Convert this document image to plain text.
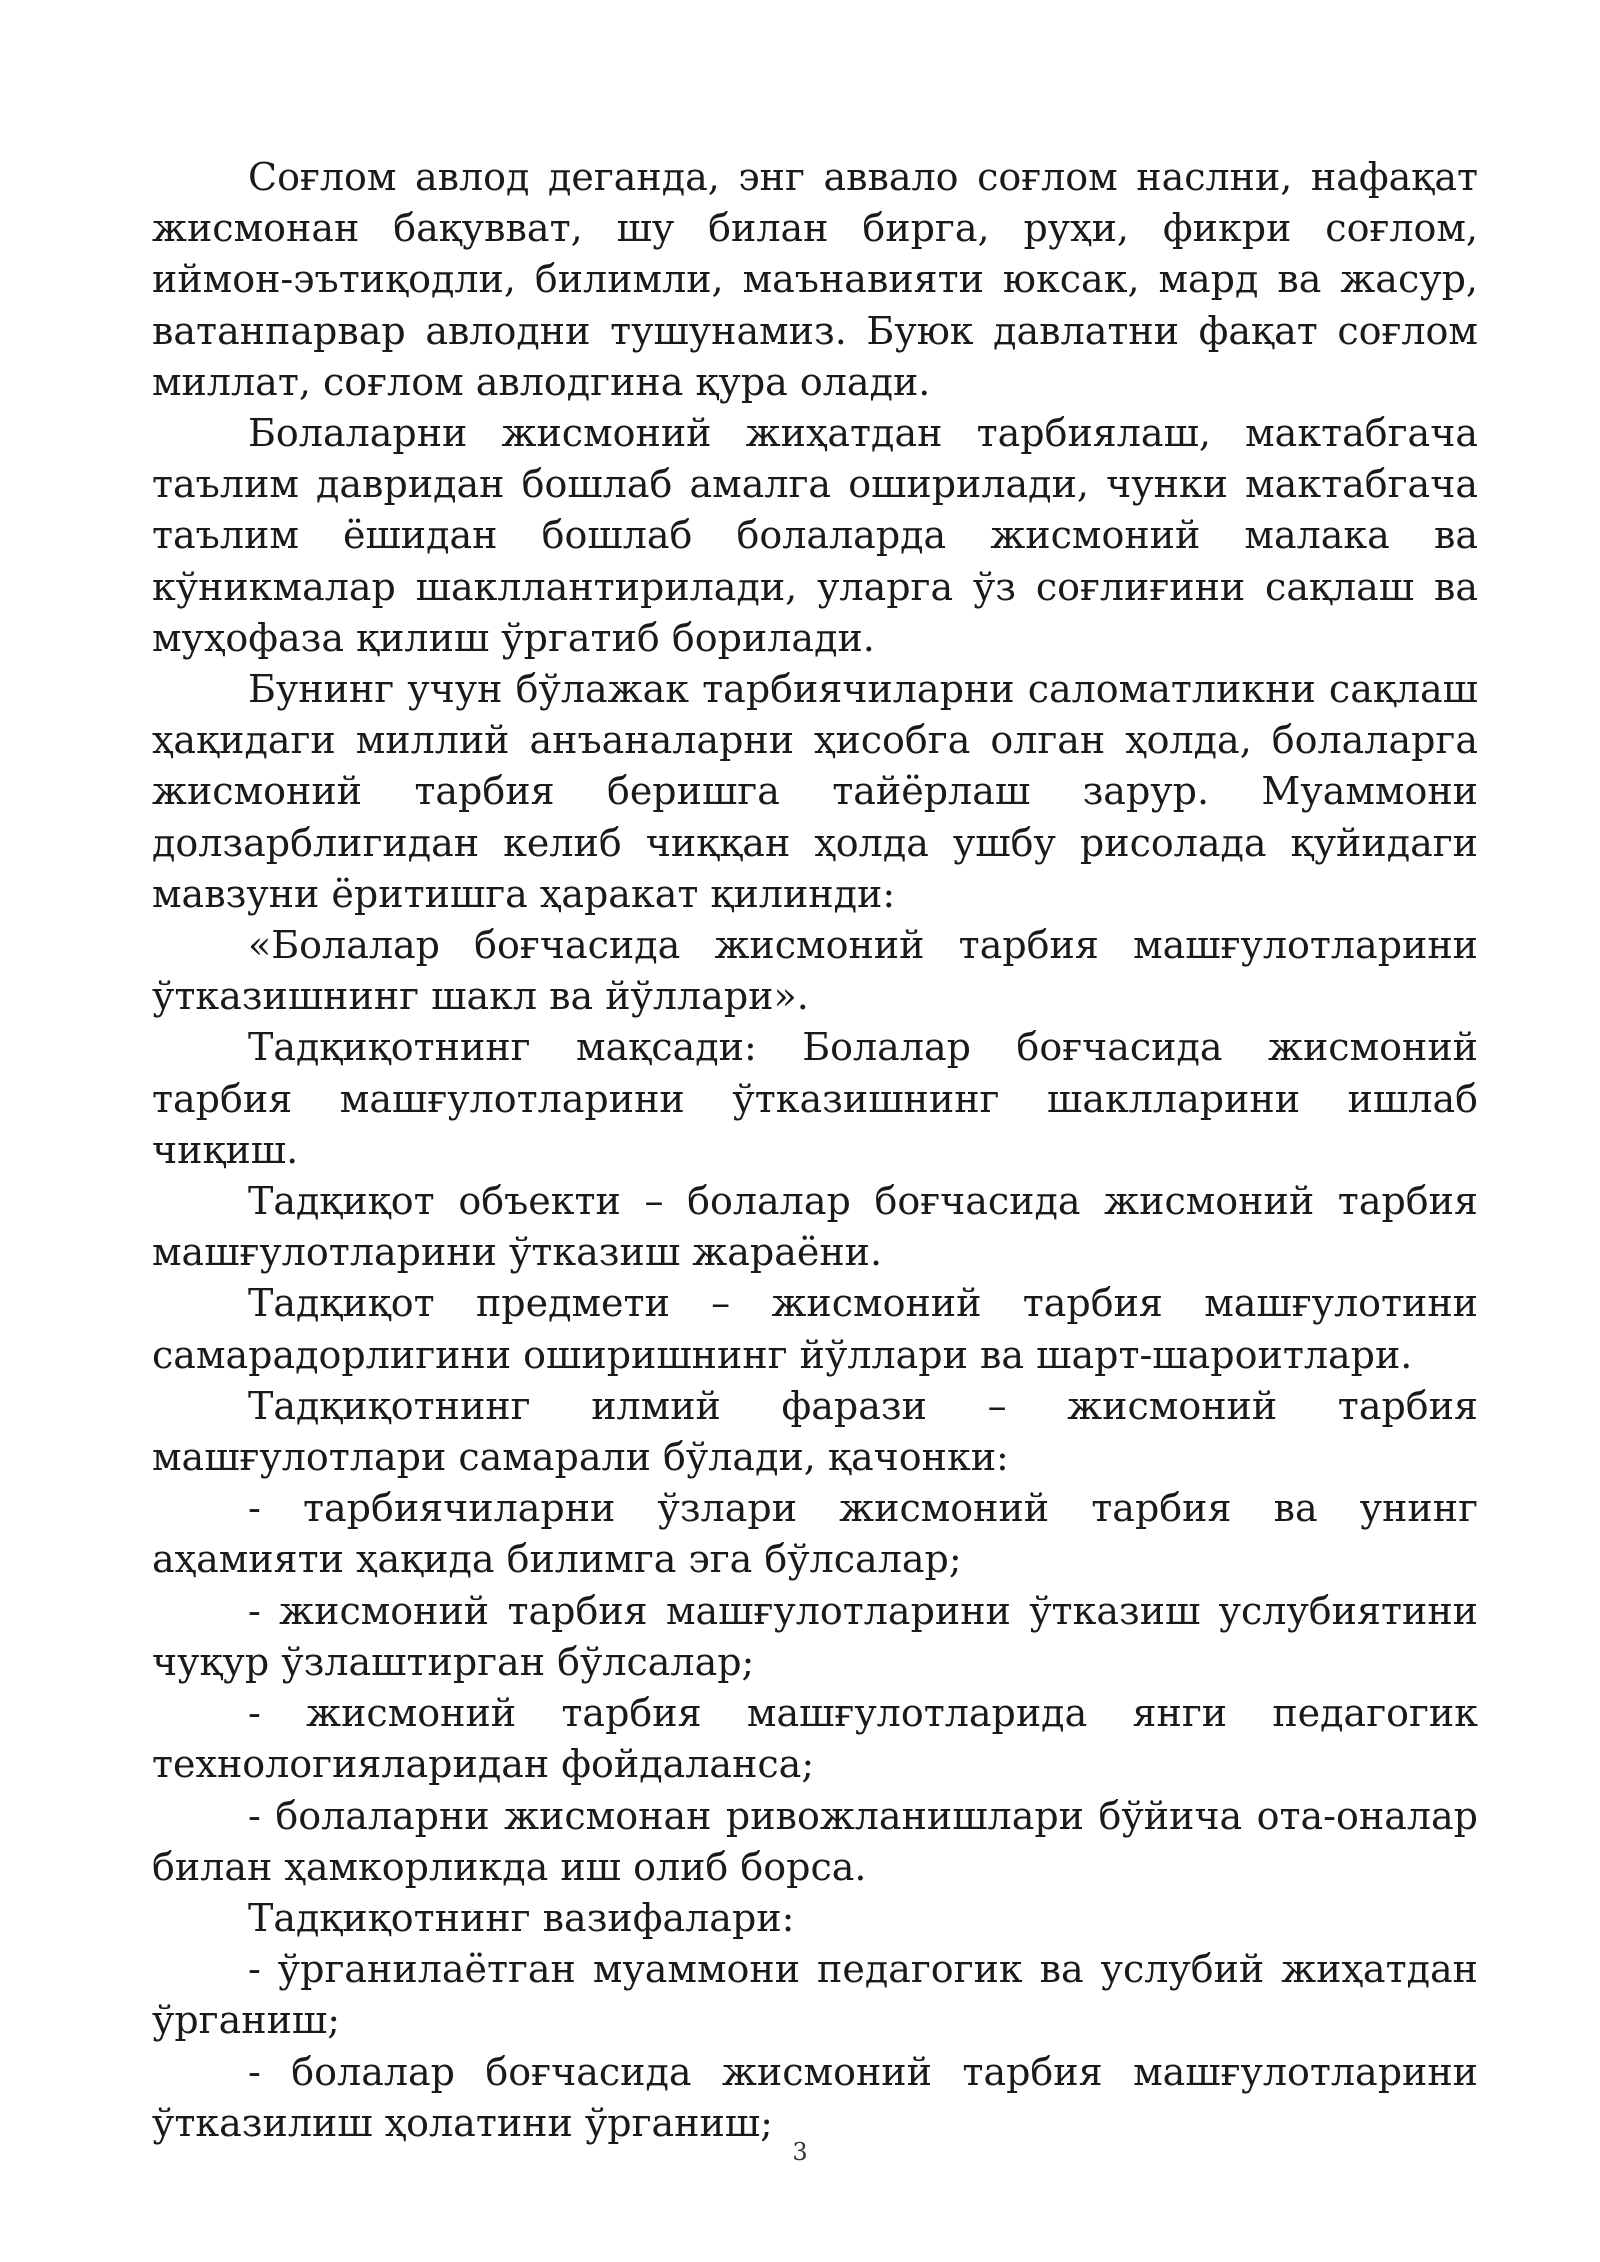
Соғлом авлод деганда, энг аввало соғлом наслни, нафақат жисмонан бақувват, шу билан бирга, руҳи, фикри соғлом, иймон-эътиқодли, билимли, маънавияти юксак, мард ва жасур, ватанпарвар авлодни тушунамиз. Буюк давлатни фақат соғлом миллат, соғлом авлодгина қура олади.

Болаларни жисмоний жиҳатдан тарбиялаш, мактабгача таълим давридан бошлаб амалга оширилади, чунки мактабгача таълим ёшидан бошлаб болаларда жисмоний малака ва кўникмалар шакллантирилади, уларга ўз соғлиғини сақлаш ва муҳофаза қилиш ўргатиб борилади.

Бунинг учун бўлажак тарбиячиларни саломатликни сақлаш ҳақидаги миллий анъаналарни ҳисобга олган ҳолда, болаларга жисмоний тарбия беришга тайёрлаш зарур. Муаммони долзарблигидан келиб чиққан ҳолда ушбу рисолада қуйидаги мавзуни ёритишга ҳаракат қилинди:

«Болалар боғчасида жисмоний тарбия машғулотларини ўтказишнинг шакл ва йўллари».

Тадқиқотнинг мақсади: Болалар боғчасида жисмоний тарбия машғулотларини ўтказишнинг шаклларини ишлаб чиқиш.

Тадқиқот объекти – болалар боғчасида жисмоний тарбия машғулотларини ўтказиш жараёни.

Тадқиқот предмети – жисмоний тарбия машғулотини самарадорлигини оширишнинг йўллари ва шарт-шароитлари.

Тадқиқотнинг илмий фарази – жисмоний тарбия машғулотлари самарали бўлади, қачонки:

- тарбиячиларни ўзлари жисмоний тарбия ва унинг аҳамияти ҳақида билимга эга бўлсалар;

- жисмоний тарбия машғулотларини ўтказиш услубиятини чуқур ўзлаштирган бўлсалар;

- жисмоний тарбия машғулотларида янги педагогик технологияларидан фойдаланса;

- болаларни жисмонан ривожланишлари бўйича ота-оналар билан ҳамкорликда иш олиб борса.

Тадқиқотнинг вазифалари:

- ўрганилаётган муаммони педагогик ва услубий жиҳатдан ўрганиш;

- болалар боғчасида жисмоний тарбия машғулотларини ўтказилиш ҳолатини ўрганиш;

3
